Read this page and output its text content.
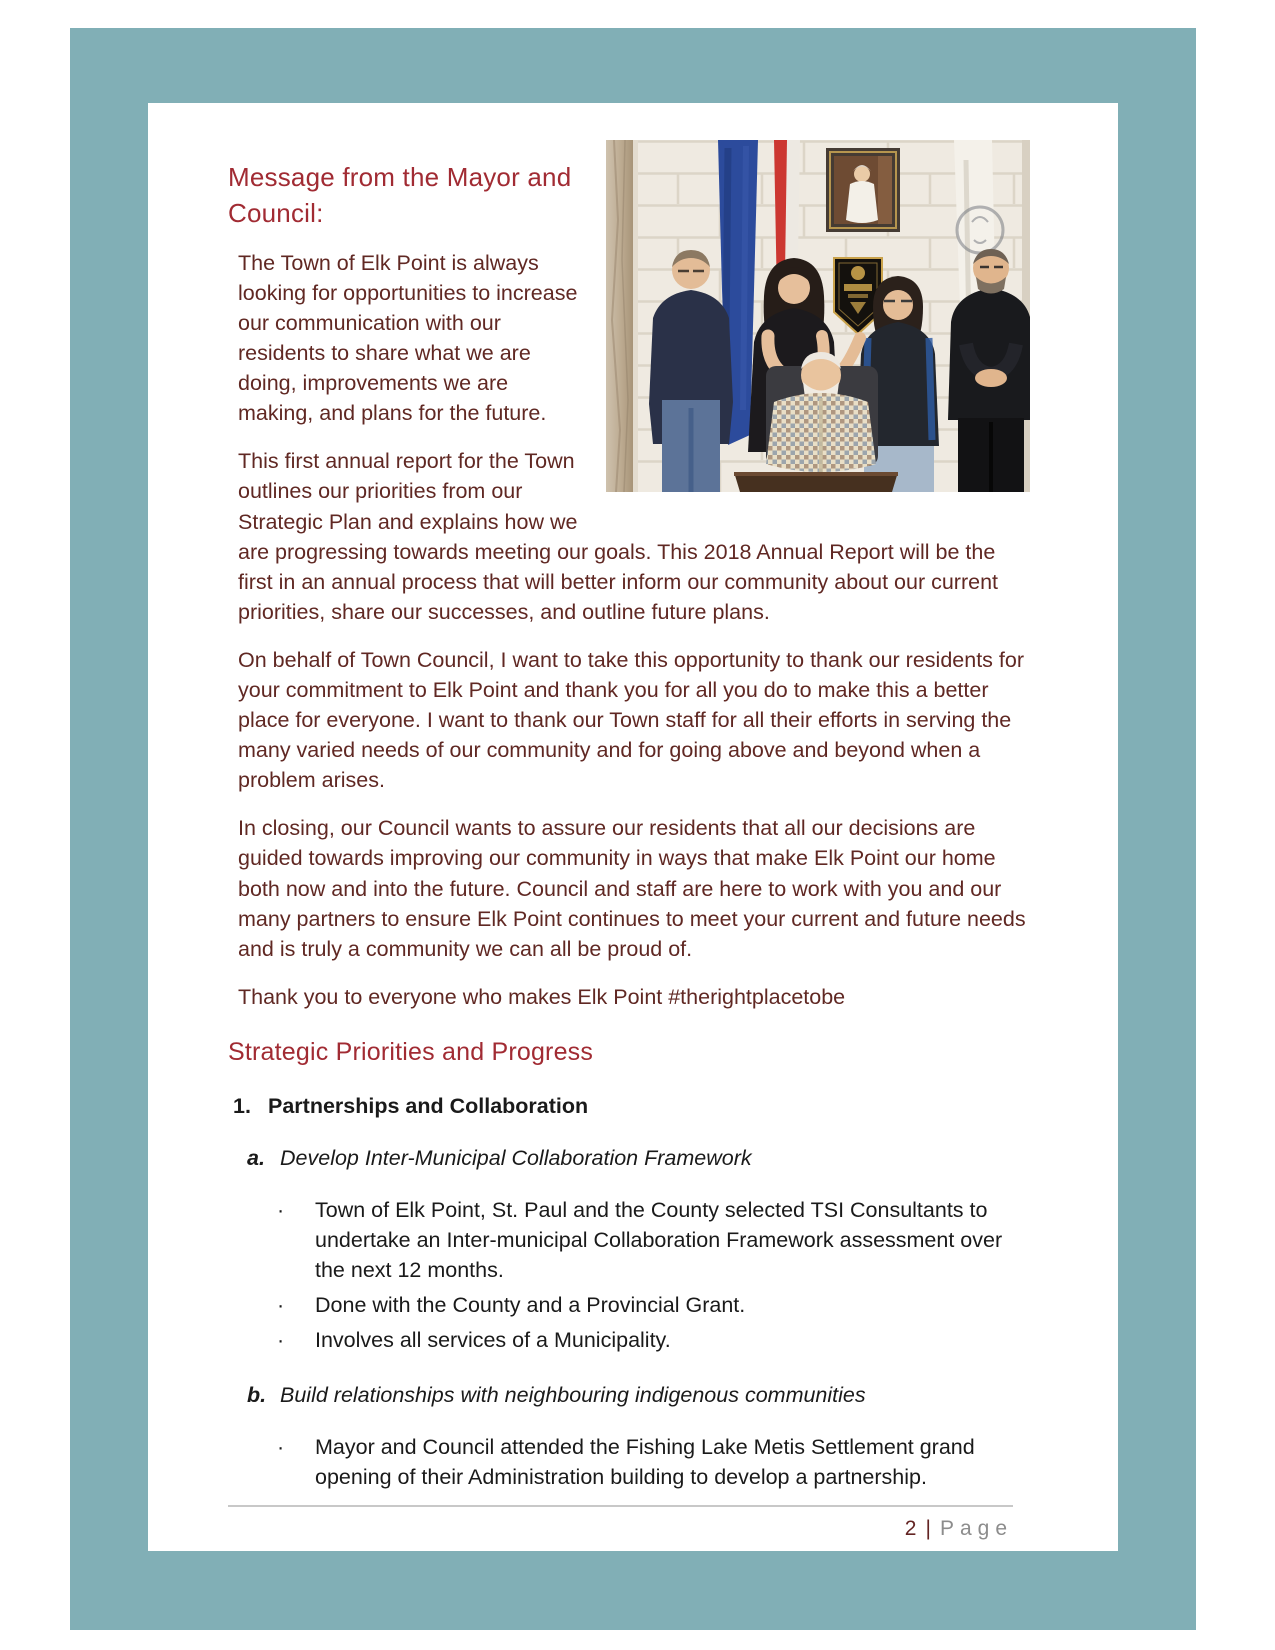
Message from the Mayor and Council:

The Town of Elk Point is always looking for opportunities to increase our communication with our residents to share what we are doing, improvements we are making, and plans for the future.

This first annual report for the Town outlines our priorities from our Strategic Plan and explains how we are progressing towards meeting our goals. This 2018 Annual Report will be the first in an annual process that will better inform our community about our current priorities, share our successes, and outline future plans.

On behalf of Town Council, I want to take this opportunity to thank our residents for your commitment to Elk Point and thank you for all you do to make this a better place for everyone. I want to thank our Town staff for all their efforts in serving the many varied needs of our community and for going above and beyond when a problem arises.

In closing, our Council wants to assure our residents that all our decisions are guided towards improving our community in ways that make Elk Point our home both now and into the future. Council and staff are here to work with you and our many partners to ensure Elk Point continues to meet your current and future needs and is truly a community we can all be proud of.

Thank you to everyone who makes Elk Point #therightplacetobe

Strategic Priorities and Progress
1. Partnerships and Collaboration
a. Develop Inter-Municipal Collaboration Framework
·	Town of Elk Point, St. Paul and the County selected TSI Consultants to undertake an Inter-municipal Collaboration Framework assessment over the next 12 months.
·	Done with the County and a Provincial Grant.
·	Involves all services of a Municipality.
b. Build relationships with neighbouring indigenous communities
·	Mayor and Council attended the Fishing Lake Metis Settlement grand opening of their Administration building to develop a partnership.
2 | Page
